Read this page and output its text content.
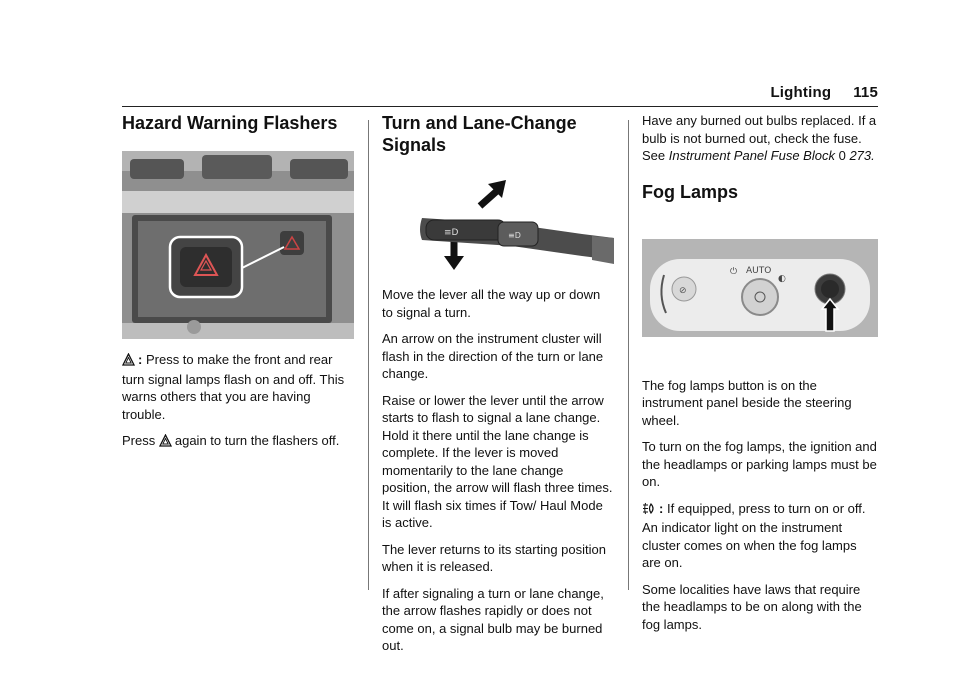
Lighting 115
Hazard Warning Flashers

: Press to make the front and rear turn signal lamps flash on and off. This warns others that you are having trouble.

Press again to turn the flashers off.

Turn and Lane-Change Signals
≡D	≡D

Move the lever all the way up or down to signal a turn.

An arrow on the instrument cluster will flash in the direction of the turn or lane change.

Raise or lower the lever until the arrow starts to flash to signal a lane change. Hold it there until the lane change is complete. If the lever is moved momentarily to the lane change position, the arrow will flash three times. It will flash six times if Tow/ Haul Mode is active.

The lever returns to its starting position when it is released.

If after signaling a turn or lane change, the arrow flashes rapidly or does not come on, a signal bulb may be burned out.

Have any burned out bulbs replaced. If a bulb is not burned out, check the fuse. See Instrument Panel Fuse Block 0 273.

Fog Lamps
⊘
⏻ AUTO
◐

The fog lamps button is on the instrument panel beside the steering wheel.

To turn on the fog lamps, the ignition and the headlamps or parking lamps must be on.

: If equipped, press to turn on or off. An indicator light on the instrument cluster comes on when the fog lamps are on.

Some localities have laws that require the headlamps to be on along with the fog lamps.
